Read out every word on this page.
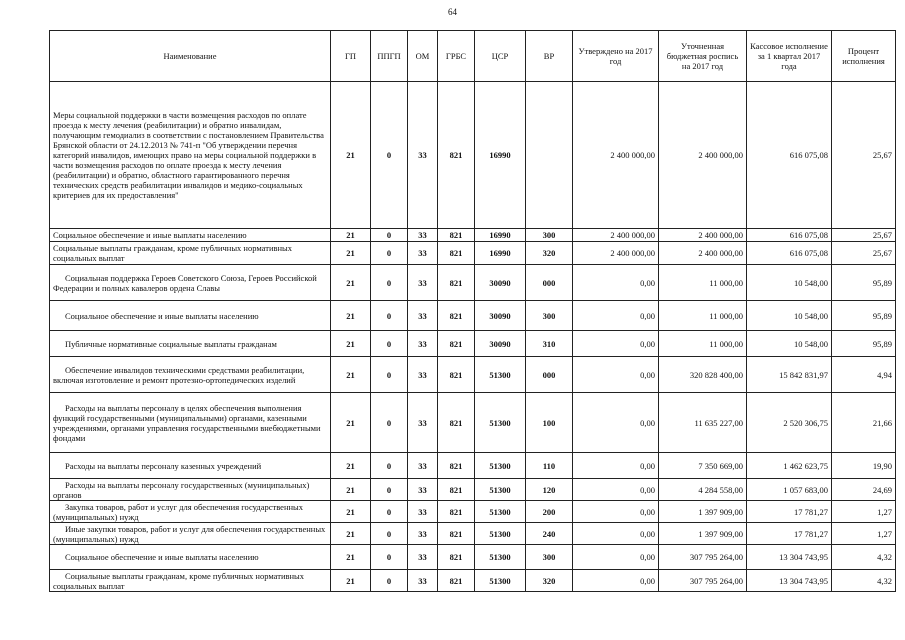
64
Наименование	ГП	ППГП	ОМ	ГРБС	ЦСР	ВР	Утверждено на 2017 год	Уточненная бюджетная роспись на 2017 год	Кассовое исполнение за 1 квартал 2017 года	Процент исполнения
Меры социальной поддержки в части возмещения расходов по оплате проезда к месту лечения (реабилитации) и обратно инвалидам, получающим гемодиализ в соответствии с постановлением Правительства Брянской области от 24.12.2013 № 741-п "Об утверждении перечня категорий инвалидов, имеющих право на меры социальной поддержки в части возмещения расходов по оплате проезда к месту лечения (реабилитации) и обратно, областного гарантированного перечня технических средств реабилитации инвалидов и медико-социальных критериев для их предоставления"	21	0	33	821	16990		2 400 000,00	2 400 000,00	616 075,08	25,67
Социальное обеспечение и иные выплаты населению	21	0	33	821	16990	300	2 400 000,00	2 400 000,00	616 075,08	25,67
Социальные выплаты гражданам, кроме публичных нормативных социальных выплат	21	0	33	821	16990	320	2 400 000,00	2 400 000,00	616 075,08	25,67
Социальная поддержка Героев Советского Союза, Героев Российской Федерации и полных кавалеров ордена Славы	21	0	33	821	30090	000	0,00	11 000,00	10 548,00	95,89
Социальное обеспечение и иные выплаты населению	21	0	33	821	30090	300	0,00	11 000,00	10 548,00	95,89
Публичные нормативные социальные выплаты гражданам	21	0	33	821	30090	310	0,00	11 000,00	10 548,00	95,89
Обеспечение инвалидов техническими средствами реабилитации, включая изготовление и ремонт протезно-ортопедических изделий	21	0	33	821	51300	000	0,00	320 828 400,00	15 842 831,97	4,94
Расходы на выплаты персоналу в целях обеспечения выполнения функций государственными (муниципальными) органами, казенными учреждениями, органами управления государственными внебюджетными фондами	21	0	33	821	51300	100	0,00	11 635 227,00	2 520 306,75	21,66
Расходы на выплаты персоналу казенных учреждений	21	0	33	821	51300	110	0,00	7 350 669,00	1 462 623,75	19,90
Расходы на выплаты персоналу государственных (муниципальных) органов	21	0	33	821	51300	120	0,00	4 284 558,00	1 057 683,00	24,69
Закупка товаров, работ и услуг для обеспечения государственных (муниципальных) нужд	21	0	33	821	51300	200	0,00	1 397 909,00	17 781,27	1,27
Иные закупки товаров, работ и услуг для обеспечения государственных (муниципальных) нужд	21	0	33	821	51300	240	0,00	1 397 909,00	17 781,27	1,27
Социальное обеспечение и иные выплаты населению	21	0	33	821	51300	300	0,00	307 795 264,00	13 304 743,95	4,32
Социальные выплаты гражданам, кроме публичных нормативных социальных выплат	21	0	33	821	51300	320	0,00	307 795 264,00	13 304 743,95	4,32
